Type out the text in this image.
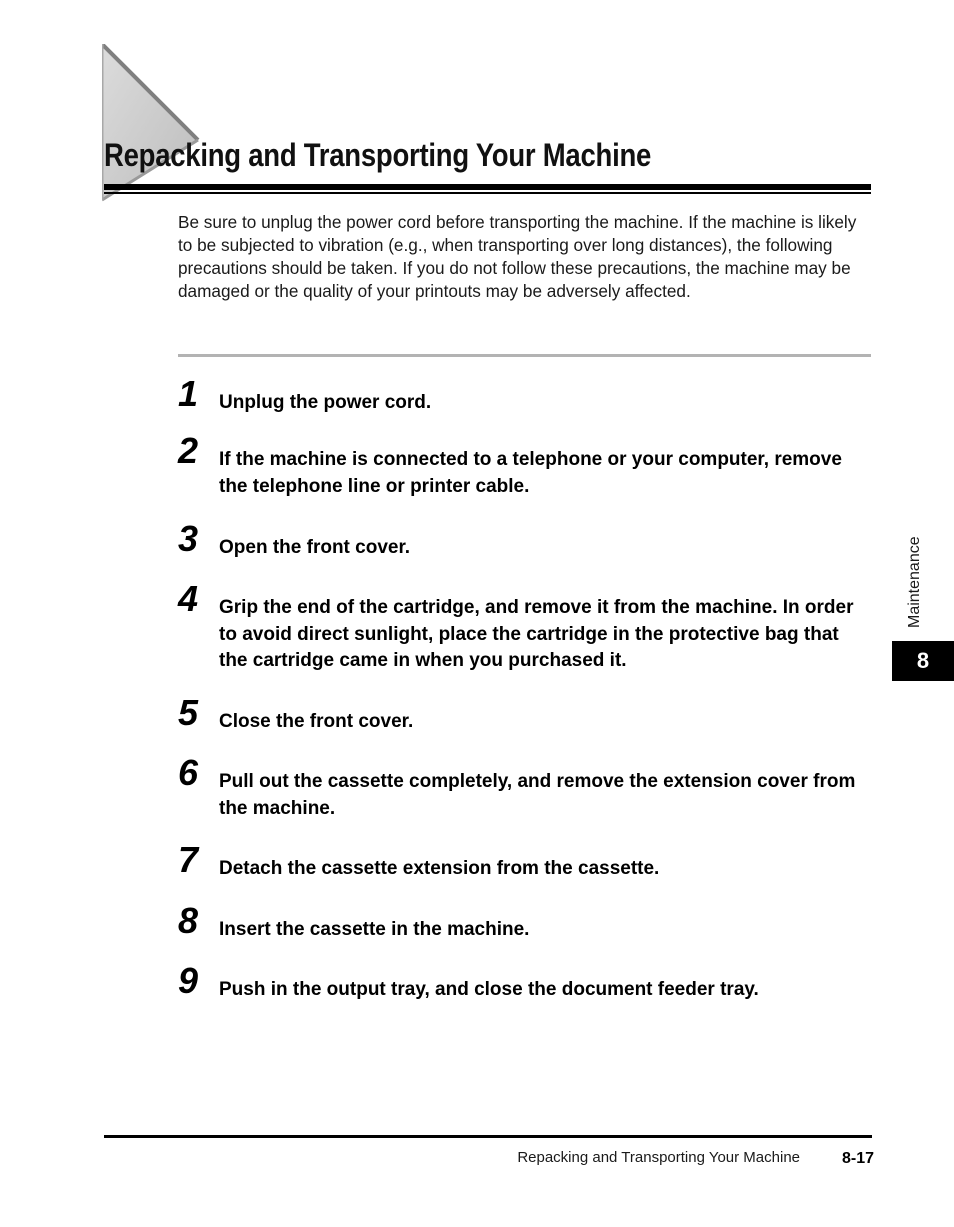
Repacking and Transporting Your Machine

Be sure to unplug the power cord before transporting the machine. If the machine is likely to be subjected to vibration (e.g., when transporting over long distances), the following precautions should be taken. If you do not follow these precautions, the machine may be damaged or the quality of your printouts may be adversely affected.

1	Unplug the power cord.

2	If the machine is connected to a telephone or your computer, remove the telephone line or printer cable.

3	Open the front cover.

4	Grip the end of the cartridge, and remove it from the machine. In order to avoid direct sunlight, place the cartridge in the protective bag that the cartridge came in when you purchased it.

5	Close the front cover.

6	Pull out the cassette completely, and remove the extension cover from the machine.

7	Detach the cassette extension from the cassette.

8	Insert the cassette in the machine.

9	Push in the output tray, and close the document feeder tray.

Maintenance
8
Repacking and Transporting Your Machine	8-17
